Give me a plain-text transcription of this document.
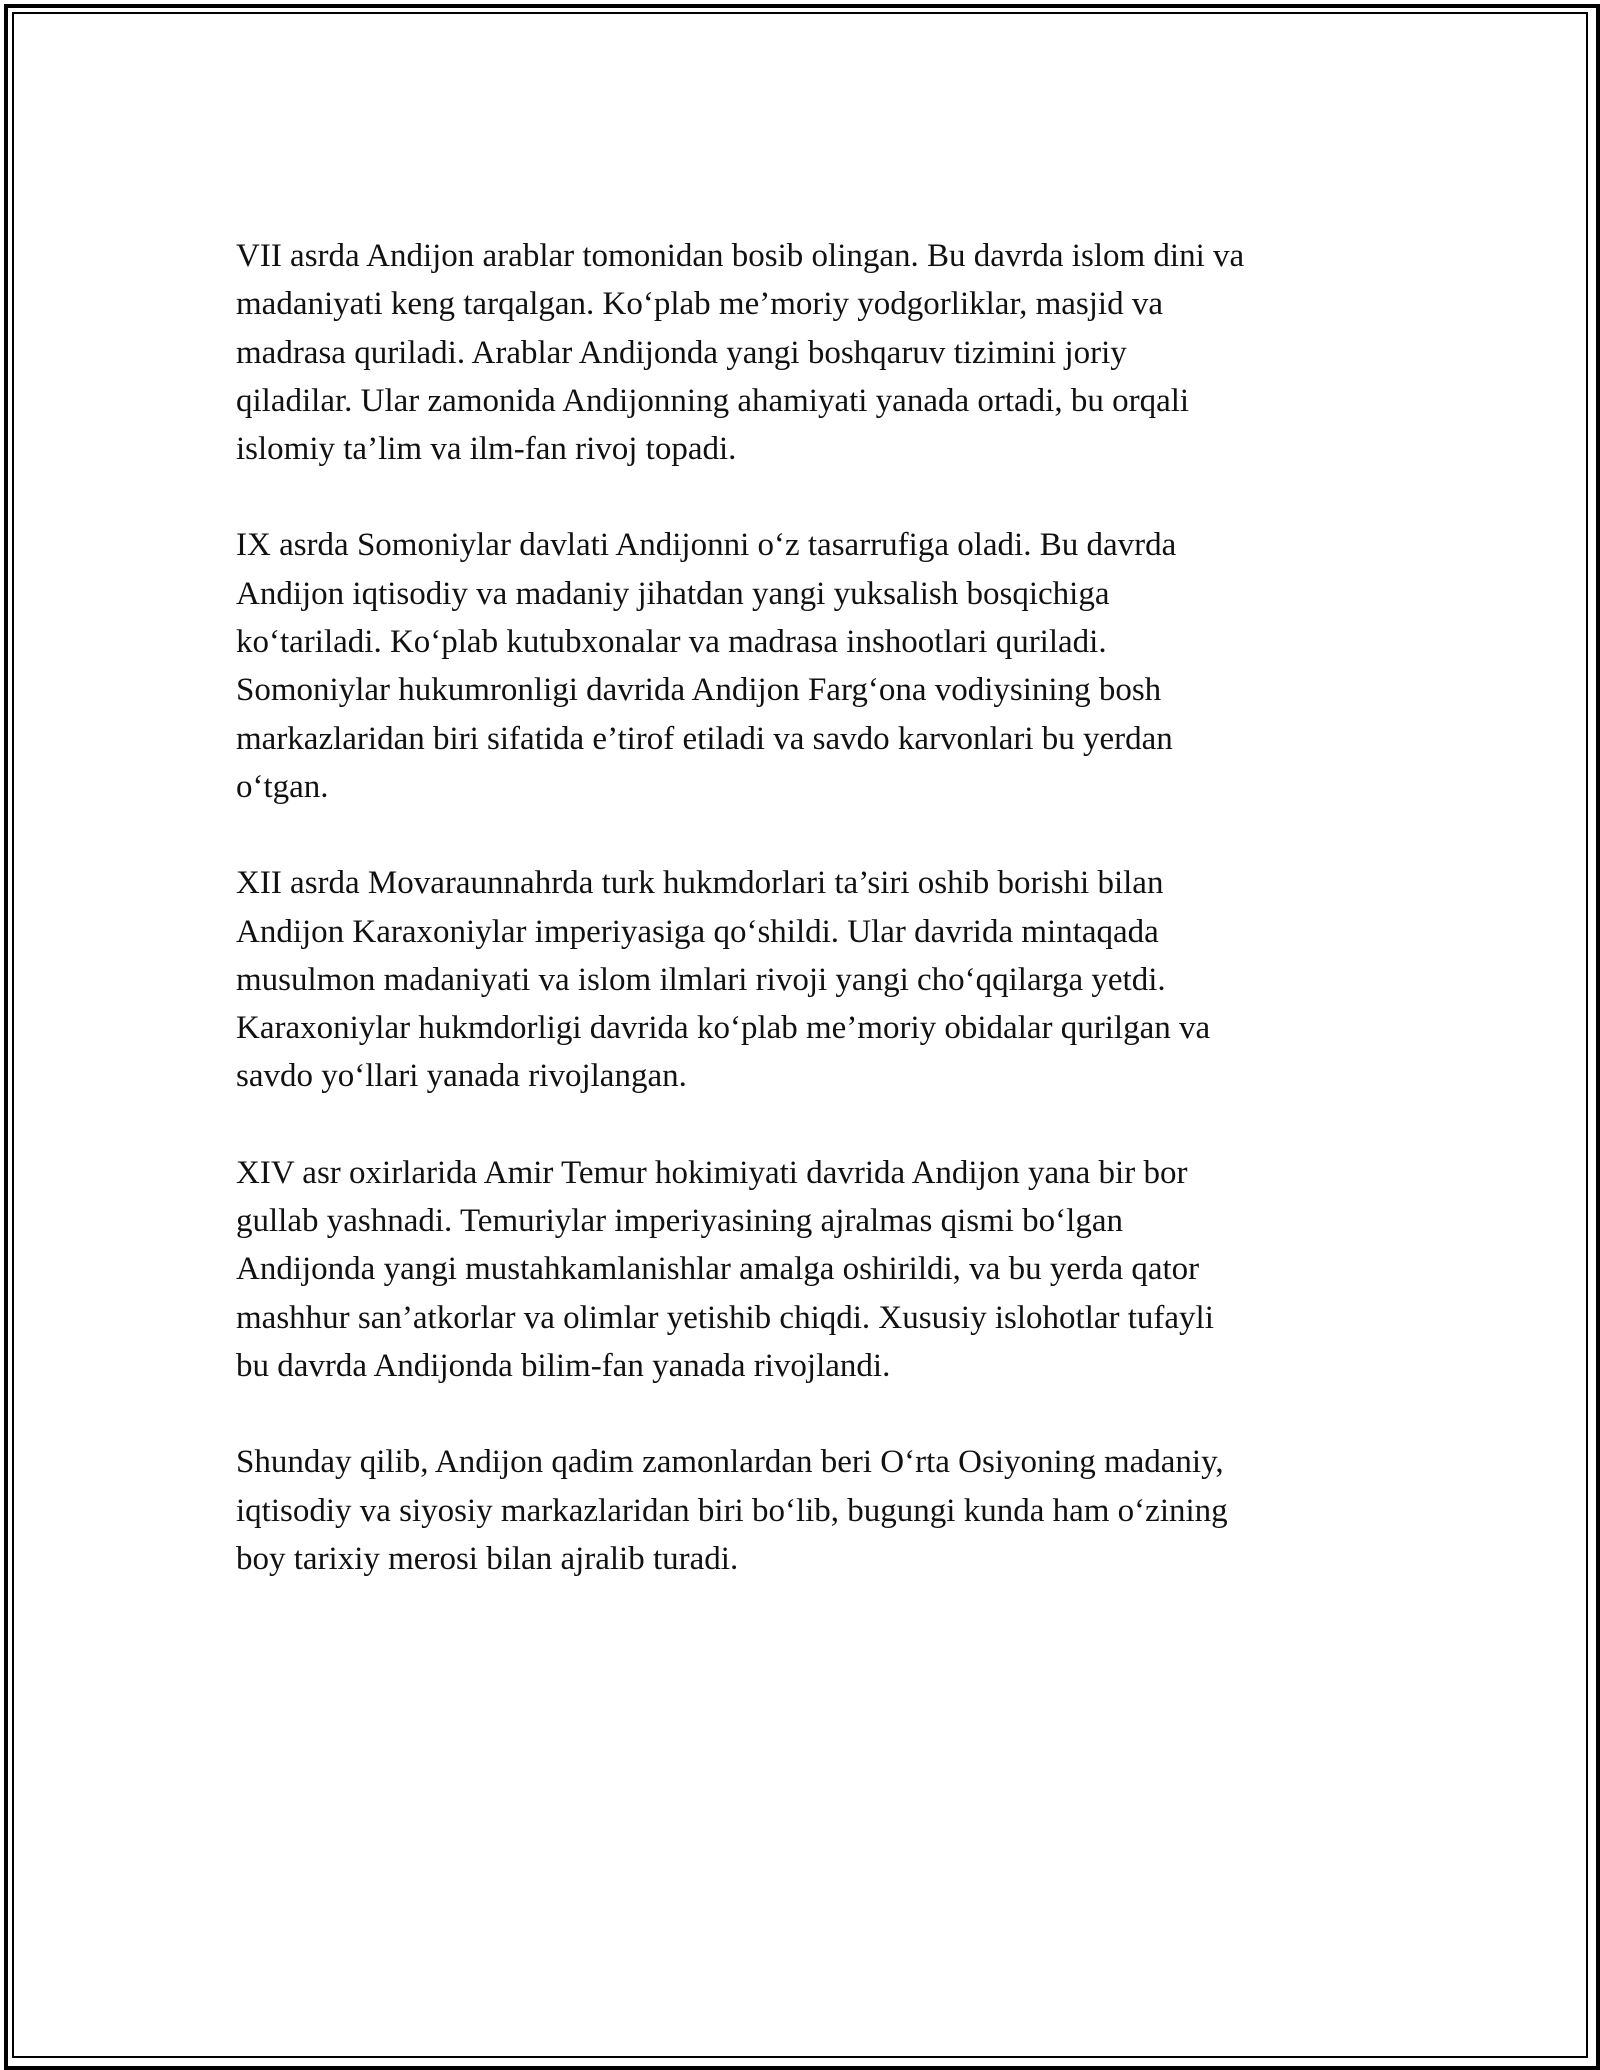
VII asrda Andijon arablar tomonidan bosib olingan. Bu davrda islom dini va
madaniyati keng tarqalgan. Ko‘plab me’moriy yodgorliklar, masjid va
madrasa quriladi. Arablar Andijonda yangi boshqaruv tizimini joriy
qiladilar. Ular zamonida Andijonning ahamiyati yanada ortadi, bu orqali
islomiy ta’lim va ilm-fan rivoj topadi.

IX asrda Somoniylar davlati Andijonni o‘z tasarrufiga oladi. Bu davrda
Andijon iqtisodiy va madaniy jihatdan yangi yuksalish bosqichiga
ko‘tariladi. Ko‘plab kutubxonalar va madrasa inshootlari quriladi.
Somoniylar hukumronligi davrida Andijon Farg‘ona vodiysining bosh
markazlaridan biri sifatida e’tirof etiladi va savdo karvonlari bu yerdan
o‘tgan.

XII asrda Movaraunnahrda turk hukmdorlari ta’siri oshib borishi bilan
Andijon Karaxoniylar imperiyasiga qo‘shildi. Ular davrida mintaqada
musulmon madaniyati va islom ilmlari rivoji yangi cho‘qqilarga yetdi.
Karaxoniylar hukmdorligi davrida ko‘plab me’moriy obidalar qurilgan va
savdo yo‘llari yanada rivojlangan.

XIV asr oxirlarida Amir Temur hokimiyati davrida Andijon yana bir bor
gullab yashnadi. Temuriylar imperiyasining ajralmas qismi bo‘lgan
Andijonda yangi mustahkamlanishlar amalga oshirildi, va bu yerda qator
mashhur san’atkorlar va olimlar yetishib chiqdi. Xususiy islohotlar tufayli
bu davrda Andijonda bilim-fan yanada rivojlandi.

Shunday qilib, Andijon qadim zamonlardan beri O‘rta Osiyoning madaniy,
iqtisodiy va siyosiy markazlaridan biri bo‘lib, bugungi kunda ham o‘zining
boy tarixiy merosi bilan ajralib turadi.
